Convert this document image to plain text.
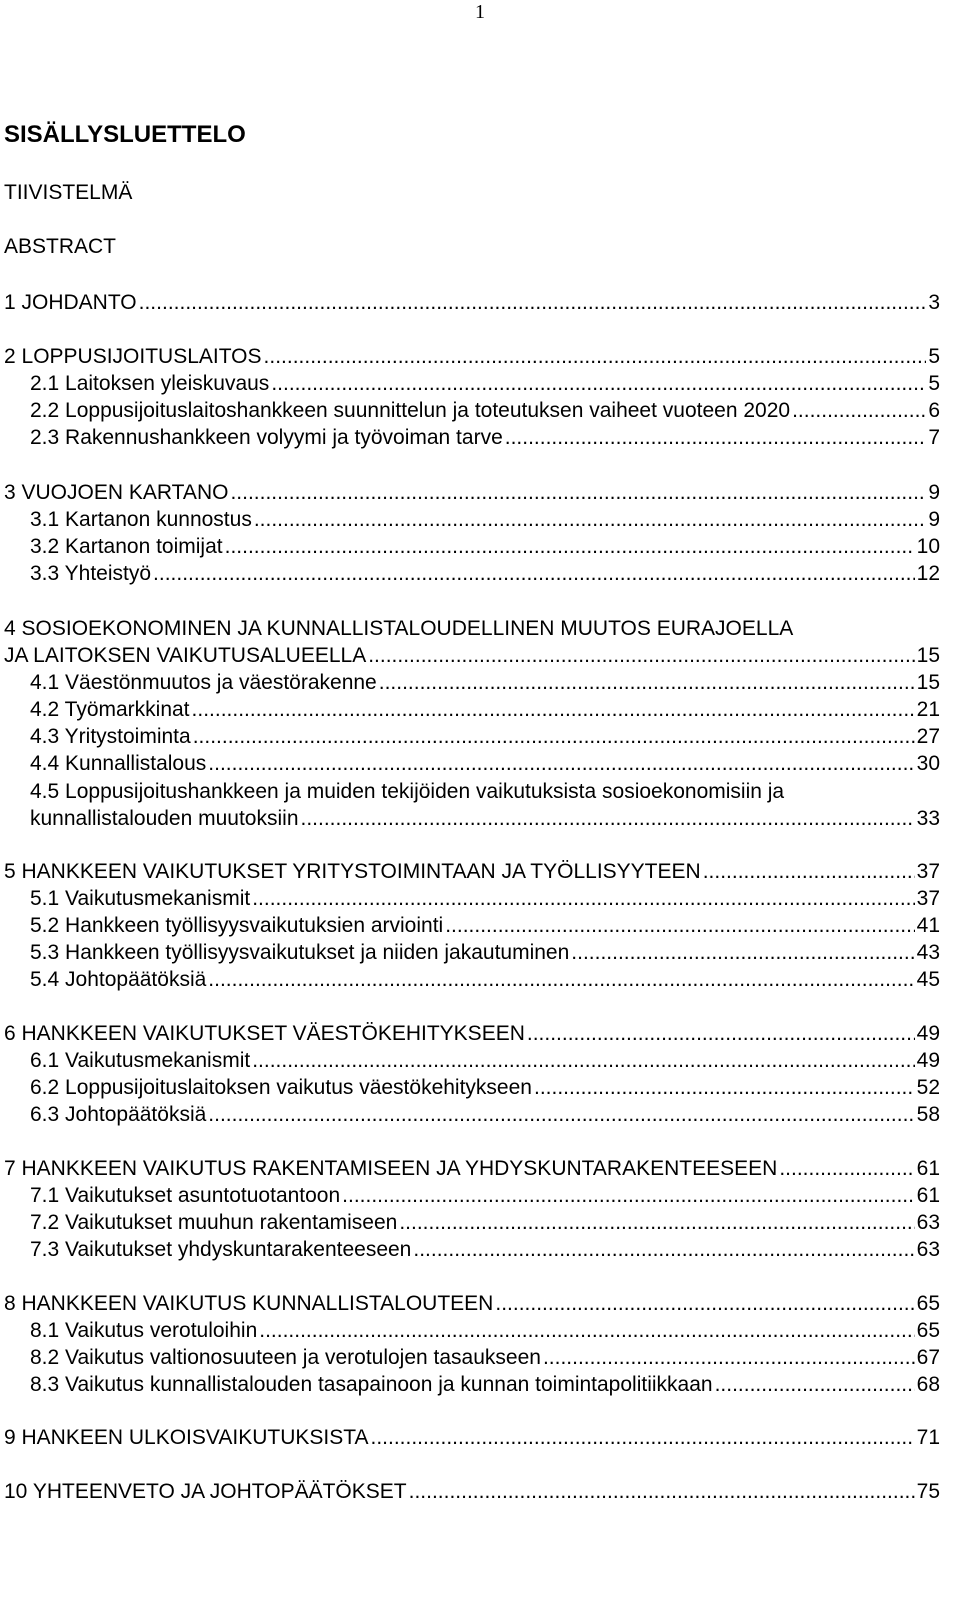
1
SISÄLLYSLUETTELO
TIIVISTELMÄ
ABSTRACT
1 JOHDANTO .....	3
2 LOPPUSIJOITUSLAITOS .....	5
2.1 Laitoksen yleiskuvaus .....	5
2.2 Loppusijoituslaitoshankkeen suunnittelun ja toteutuksen vaiheet vuoteen 2020 .....	6
2.3 Rakennushankkeen volyymi ja työvoiman tarve .....	7
3 VUOJOEN KARTANO .....	9
3.1 Kartanon kunnostus .....	9
3.2 Kartanon toimijat .....	10
3.3 Yhteistyö .....	12
4 SOSIOEKONOMINEN JA KUNNALLISTALOUDELLINEN MUUTOS EURAJOELLA
JA LAITOKSEN VAIKUTUSALUEELLA .....	15
4.1 Väestönmuutos ja väestörakenne .....	15
4.2 Työmarkkinat .....	21
4.3 Yritystoiminta .....	27
4.4 Kunnallistalous .....	30
4.5 Loppusijoitushankkeen ja muiden tekijöiden vaikutuksista sosioekonomisiin ja
kunnallistalouden muutoksiin .....	33
5 HANKKEEN VAIKUTUKSET YRITYSTOIMINTAAN JA TYÖLLISYYTEEN .....	37
5.1 Vaikutusmekanismit .....	37
5.2 Hankkeen työllisyysvaikutuksien arviointi .....	41
5.3 Hankkeen työllisyysvaikutukset ja niiden jakautuminen .....	43
5.4 Johtopäätöksiä .....	45
6 HANKKEEN VAIKUTUKSET VÄESTÖKEHITYKSEEN .....	49
6.1 Vaikutusmekanismit .....	49
6.2 Loppusijoituslaitoksen vaikutus väestökehitykseen .....	52
6.3 Johtopäätöksiä .....	58
7 HANKKEEN VAIKUTUS RAKENTAMISEEN JA YHDYSKUNTARAKENTEESEEN .....	61
7.1 Vaikutukset asuntotuotantoon .....	61
7.2 Vaikutukset muuhun rakentamiseen .....	63
7.3 Vaikutukset yhdyskuntarakenteeseen .....	63
8 HANKKEEN VAIKUTUS KUNNALLISTALOUTEEN .....	65
8.1 Vaikutus verotuloihin .....	65
8.2 Vaikutus valtionosuuteen ja verotulojen tasaukseen .....	67
8.3 Vaikutus kunnallistalouden tasapainoon ja kunnan toimintapolitiikkaan .....	68
9 HANKEEN ULKOISVAIKUTUKSISTA .....	71
10 YHTEENVETO JA JOHTOPÄÄTÖKSET .....	75
